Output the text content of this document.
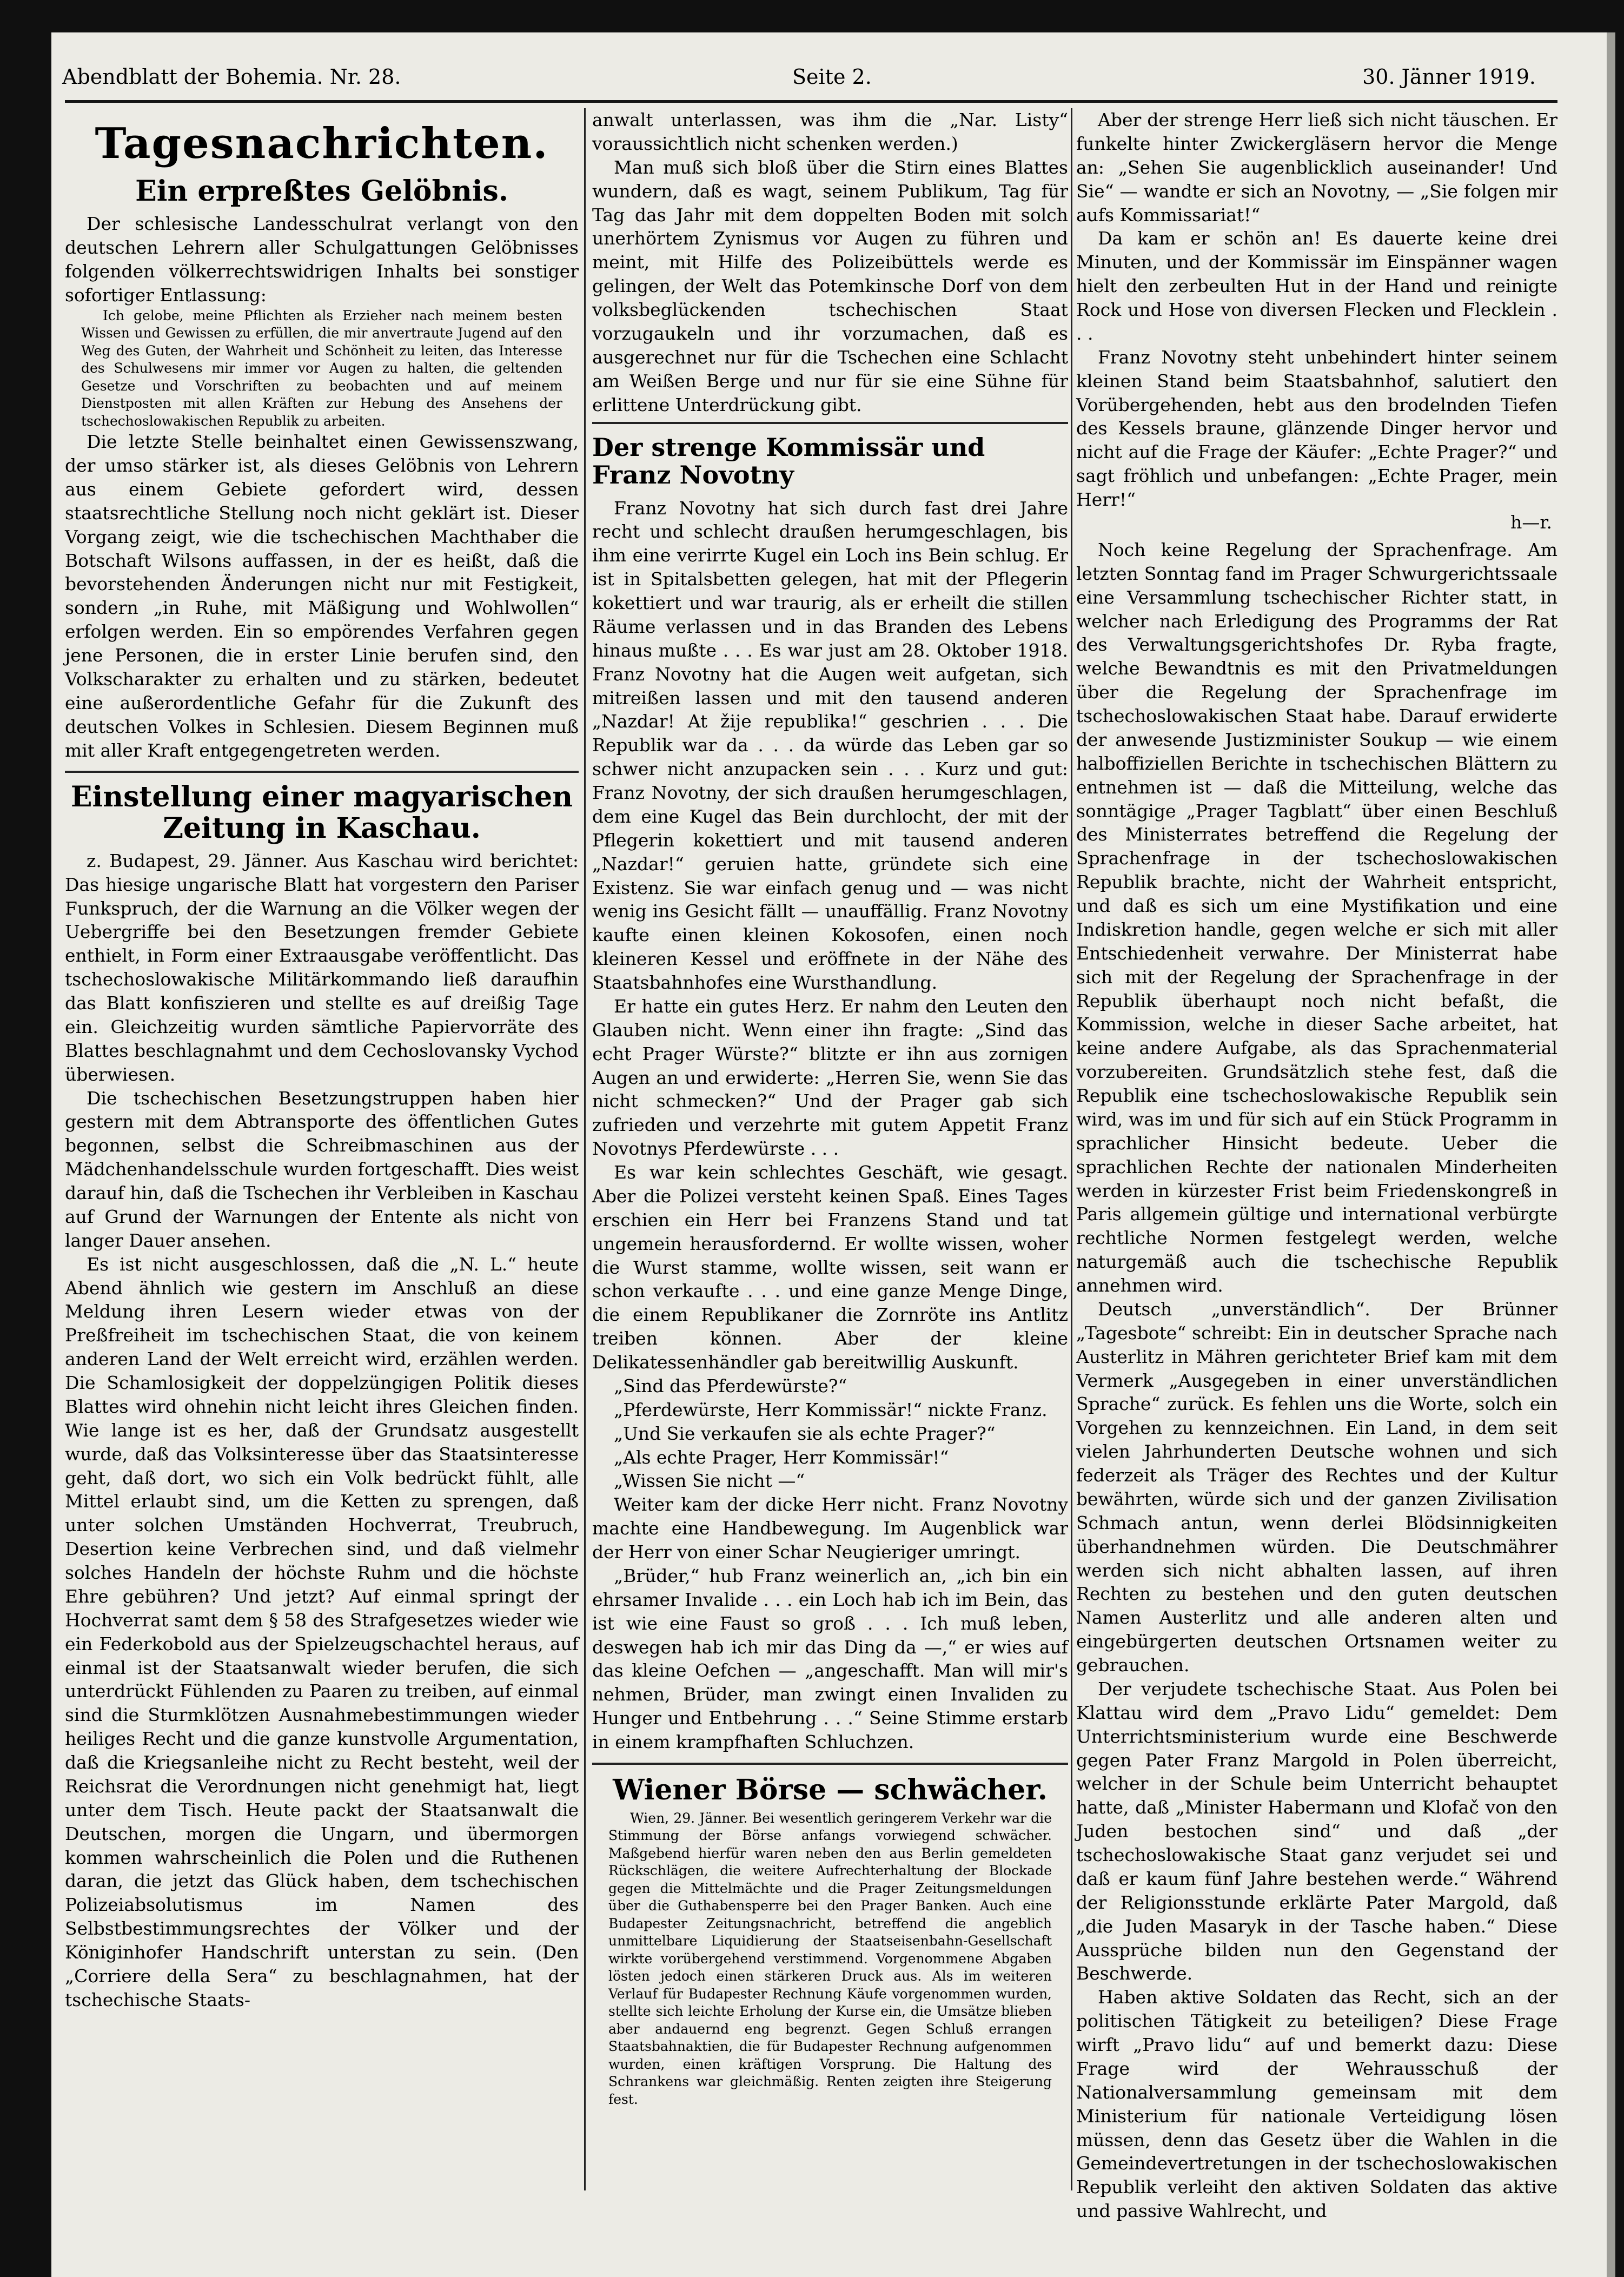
Abendblatt der Bohemia. Nr. 28.	Seite 2.	30. Jänner 1919.
Tagesnachrichten.
Ein erpreßtes Gelöbnis.

Der schlesische Landesschulrat verlangt von den deutschen Lehrern aller Schulgattungen Gelöbnisses folgenden völkerrechtswidrigen Inhalts bei sonstiger sofortiger Entlassung:

Ich gelobe, meine Pflichten als Erzieher nach meinem besten Wissen und Gewissen zu erfüllen, die mir anvertraute Jugend auf den Weg des Guten, der Wahrheit und Schönheit zu leiten, das Interesse des Schulwesens mir immer vor Augen zu halten, die geltenden Gesetze und Vorschriften zu beobachten und auf meinem Dienstposten mit allen Kräften zur Hebung des Ansehens der tschechoslowakischen Republik zu arbeiten.

Die letzte Stelle beinhaltet einen Gewissenszwang, der umso stärker ist, als dieses Gelöbnis von Lehrern aus einem Gebiete gefordert wird, dessen staatsrechtliche Stellung noch nicht geklärt ist. Dieser Vorgang zeigt, wie die tschechischen Machthaber die Botschaft Wilsons auffassen, in der es heißt, daß die bevorstehenden Änderungen nicht nur mit Festigkeit, sondern „in Ruhe, mit Mäßigung und Wohlwollen“ erfolgen werden. Ein so empörendes Verfahren gegen jene Personen, die in erster Linie berufen sind, den Volkscharakter zu erhalten und zu stärken, bedeutet eine außerordentliche Gefahr für die Zukunft des deutschen Volkes in Schlesien. Diesem Beginnen muß mit aller Kraft entgegengetreten werden.

Einstellung einer magyarischen Zeitung in Kaschau.

z. Budapest, 29. Jänner. Aus Kaschau wird berichtet: Das hiesige ungarische Blatt hat vorgestern den Pariser Funkspruch, der die Warnung an die Völker wegen der Uebergriffe bei den Besetzungen fremder Gebiete enthielt, in Form einer Extraausgabe veröffentlicht. Das tschechoslowakische Militärkommando ließ daraufhin das Blatt konfiszieren und stellte es auf dreißig Tage ein. Gleichzeitig wurden sämtliche Papiervorräte des Blattes beschlagnahmt und dem Cechoslovansky Vychod überwiesen.

Die tschechischen Besetzungstruppen haben hier gestern mit dem Abtransporte des öffentlichen Gutes begonnen, selbst die Schreibmaschinen aus der Mädchenhandelsschule wurden fortgeschafft. Dies weist darauf hin, daß die Tschechen ihr Verbleiben in Kaschau auf Grund der Warnungen der Entente als nicht von langer Dauer ansehen.

Es ist nicht ausgeschlossen, daß die „N. L.“ heute Abend ähnlich wie gestern im Anschluß an diese Meldung ihren Lesern wieder etwas von der Preßfreiheit im tschechischen Staat, die von keinem anderen Land der Welt erreicht wird, erzählen werden. Die Schamlosigkeit der doppelzüngigen Politik dieses Blattes wird ohnehin nicht leicht ihres Gleichen finden. Wie lange ist es her, daß der Grundsatz ausgestellt wurde, daß das Volksinteresse über das Staatsinteresse geht, daß dort, wo sich ein Volk bedrückt fühlt, alle Mittel erlaubt sind, um die Ketten zu sprengen, daß unter solchen Umständen Hochverrat, Treubruch, Desertion keine Verbrechen sind, und daß vielmehr solches Handeln der höchste Ruhm und die höchste Ehre gebühren? Und jetzt? Auf einmal springt der Hochverrat samt dem § 58 des Strafgesetzes wieder wie ein Federkobold aus der Spielzeugschachtel heraus, auf einmal ist der Staatsanwalt wieder berufen, die sich unterdrückt Fühlenden zu Paaren zu treiben, auf einmal sind die Sturmklötzen Ausnahmebestimmungen wieder heiliges Recht und die ganze kunstvolle Argumentation, daß die Kriegsanleihe nicht zu Recht besteht, weil der Reichsrat die Verordnungen nicht genehmigt hat, liegt unter dem Tisch. Heute packt der Staatsanwalt die Deutschen, morgen die Ungarn, und übermorgen kommen wahrscheinlich die Polen und die Ruthenen daran, die jetzt das Glück haben, dem tschechischen Polizeiabsolutismus im Namen des Selbstbestimmungsrechtes der Völker und der Königinhofer Handschrift unterstan zu sein. (Den „Corriere della Sera“ zu beschlagnahmen, hat der tschechische Staats-

anwalt unterlassen, was ihm die „Nar. Listy“ voraussichtlich nicht schenken werden.)

Man muß sich bloß über die Stirn eines Blattes wundern, daß es wagt, seinem Publikum, Tag für Tag das Jahr mit dem doppelten Boden mit solch unerhörtem Zynismus vor Augen zu führen und meint, mit Hilfe des Polizeibüttels werde es gelingen, der Welt das Potemkinsche Dorf von dem volksbeglückenden tschechischen Staat vorzugaukeln und ihr vorzumachen, daß es ausgerechnet nur für die Tschechen eine Schlacht am Weißen Berge und nur für sie eine Sühne für erlittene Unterdrückung gibt.

Der strenge Kommissär und Franz Novotny

Franz Novotny hat sich durch fast drei Jahre recht und schlecht draußen herumgeschlagen, bis ihm eine verirrte Kugel ein Loch ins Bein schlug. Er ist in Spitalsbetten gelegen, hat mit der Pflegerin kokettiert und war traurig, als er erheilt die stillen Räume verlassen und in das Branden des Lebens hinaus mußte . . . Es war just am 28. Oktober 1918. Franz Novotny hat die Augen weit aufgetan, sich mitreißen lassen und mit den tausend anderen „Nazdar! At žije republika!“ geschrien . . . Die Republik war da . . . da würde das Leben gar so schwer nicht anzupacken sein . . . Kurz und gut: Franz Novotny, der sich draußen herumgeschlagen, dem eine Kugel das Bein durchlocht, der mit der Pflegerin kokettiert und mit tausend anderen „Nazdar!“ geruien hatte, gründete sich eine Existenz. Sie war einfach genug und — was nicht wenig ins Gesicht fällt — unauffällig. Franz Novotny kaufte einen kleinen Kokosofen, einen noch kleineren Kessel und eröffnete in der Nähe des Staatsbahnhofes eine Wursthandlung.

Er hatte ein gutes Herz. Er nahm den Leuten den Glauben nicht. Wenn einer ihn fragte: „Sind das echt Prager Würste?“ blitzte er ihn aus zornigen Augen an und erwiderte: „Herren Sie, wenn Sie das nicht schmecken?“ Und der Prager gab sich zufrieden und verzehrte mit gutem Appetit Franz Novotnys Pferdewürste . . .

Es war kein schlechtes Geschäft, wie gesagt. Aber die Polizei versteht keinen Spaß. Eines Tages erschien ein Herr bei Franzens Stand und tat ungemein herausfordernd. Er wollte wissen, woher die Wurst stamme, wollte wissen, seit wann er schon verkaufte . . . und eine ganze Menge Dinge, die einem Republikaner die Zornröte ins Antlitz treiben können. Aber der kleine Delikatessenhändler gab bereitwillig Auskunft.

„Sind das Pferdewürste?“

„Pferdewürste, Herr Kommissär!“ nickte Franz.

„Und Sie verkaufen sie als echte Prager?“

„Als echte Prager, Herr Kommissär!“

„Wissen Sie nicht —“

Weiter kam der dicke Herr nicht. Franz Novotny machte eine Handbewegung. Im Augenblick war der Herr von einer Schar Neugieriger umringt.

„Brüder,“ hub Franz weinerlich an, „ich bin ein ehrsamer Invalide . . . ein Loch hab ich im Bein, das ist wie eine Faust so groß . . . Ich muß leben, deswegen hab ich mir das Ding da —,“ er wies auf das kleine Oefchen — „angeschafft. Man will mir's nehmen, Brüder, man zwingt einen Invaliden zu Hunger und Entbehrung . . .“ Seine Stimme erstarb in einem krampfhaften Schluchzen.

Wiener Börse — schwächer.

Wien, 29. Jänner. Bei wesentlich geringerem Verkehr war die Stimmung der Börse anfangs vorwiegend schwächer. Maßgebend hierfür waren neben den aus Berlin gemeldeten Rückschlägen, die weitere Aufrechterhaltung der Blockade gegen die Mittelmächte und die Prager Zeitungsmeldungen über die Guthabensperre bei den Prager Banken. Auch eine Budapester Zeitungsnachricht, betreffend die angeblich unmittelbare Liquidierung der Staatseisenbahn-Gesellschaft wirkte vorübergehend verstimmend. Vorgenommene Abgaben lösten jedoch einen stärkeren Druck aus. Als im weiteren Verlauf für Budapester Rechnung Käufe vorgenommen wurden, stellte sich leichte Erholung der Kurse ein, die Umsätze blieben aber andauernd eng begrenzt. Gegen Schluß errangen Staatsbahnaktien, die für Budapester Rechnung aufgenommen wurden, einen kräftigen Vorsprung. Die Haltung des Schrankens war gleichmäßig. Renten zeigten ihre Steigerung fest.

Aber der strenge Herr ließ sich nicht täuschen. Er funkelte hinter Zwickergläsern hervor die Menge an: „Sehen Sie augenblicklich auseinander! Und Sie“ — wandte er sich an Novotny, — „Sie folgen mir aufs Kommissariat!“

Da kam er schön an! Es dauerte keine drei Minuten, und der Kommissär im Einspänner wagen hielt den zerbeulten Hut in der Hand und reinigte Rock und Hose von diversen Flecken und Flecklein . . .

Franz Novotny steht unbehindert hinter seinem kleinen Stand beim Staatsbahnhof, salutiert den Vorübergehenden, hebt aus den brodelnden Tiefen des Kessels braune, glänzende Dinger hervor und nicht auf die Frage der Käufer: „Echte Prager?“ und sagt fröhlich und unbefangen: „Echte Prager, mein Herr!“

h—r.

Noch keine Regelung der Sprachenfrage. Am letzten Sonntag fand im Prager Schwurgerichtssaale eine Versammlung tschechischer Richter statt, in welcher nach Erledigung des Programms der Rat des Verwaltungsgerichtshofes Dr. Ryba fragte, welche Bewandtnis es mit den Privatmeldungen über die Regelung der Sprachenfrage im tschechoslowakischen Staat habe. Darauf erwiderte der anwesende Justizminister Soukup — wie einem halboffiziellen Berichte in tschechischen Blättern zu entnehmen ist — daß die Mitteilung, welche das sonntägige „Prager Tagblatt“ über einen Beschluß des Ministerrates betreffend die Regelung der Sprachenfrage in der tschechoslowakischen Republik brachte, nicht der Wahrheit entspricht, und daß es sich um eine Mystifikation und eine Indiskretion handle, gegen welche er sich mit aller Entschiedenheit verwahre. Der Ministerrat habe sich mit der Regelung der Sprachenfrage in der Republik überhaupt noch nicht befaßt, die Kommission, welche in dieser Sache arbeitet, hat keine andere Aufgabe, als das Sprachenmaterial vorzubereiten. Grundsätzlich stehe fest, daß die Republik eine tschechoslowakische Republik sein wird, was im und für sich auf ein Stück Programm in sprachlicher Hinsicht bedeute. Ueber die sprachlichen Rechte der nationalen Minderheiten werden in kürzester Frist beim Friedenskongreß in Paris allgemein gültige und international verbürgte rechtliche Normen festgelegt werden, welche naturgemäß auch die tschechische Republik annehmen wird.

Deutsch „unverständlich“. Der Brünner „Tagesbote“ schreibt: Ein in deutscher Sprache nach Austerlitz in Mähren gerichteter Brief kam mit dem Vermerk „Ausgegeben in einer unverständlichen Sprache“ zurück. Es fehlen uns die Worte, solch ein Vorgehen zu kennzeichnen. Ein Land, in dem seit vielen Jahrhunderten Deutsche wohnen und sich federzeit als Träger des Rechtes und der Kultur bewährten, würde sich und der ganzen Zivilisation Schmach antun, wenn derlei Blödsinnigkeiten überhandnehmen würden. Die Deutschmährer werden sich nicht abhalten lassen, auf ihren Rechten zu bestehen und den guten deutschen Namen Austerlitz und alle anderen alten und eingebürgerten deutschen Ortsnamen weiter zu gebrauchen.

Der verjudete tschechische Staat. Aus Polen bei Klattau wird dem „Pravo Lidu“ gemeldet: Dem Unterrichtsministerium wurde eine Beschwerde gegen Pater Franz Margold in Polen überreicht, welcher in der Schule beim Unterricht behauptet hatte, daß „Minister Habermann und Klofač von den Juden bestochen sind“ und daß „der tschechoslowakische Staat ganz verjudet sei und daß er kaum fünf Jahre bestehen werde.“ Während der Religionsstunde erklärte Pater Margold, daß „die Juden Masaryk in der Tasche haben.“ Diese Aussprüche bilden nun den Gegenstand der Beschwerde.

Haben aktive Soldaten das Recht, sich an der politischen Tätigkeit zu beteiligen? Diese Frage wirft „Pravo lidu“ auf und bemerkt dazu: Diese Frage wird der Wehrausschuß der Nationalversammlung gemeinsam mit dem Ministerium für nationale Verteidigung lösen müssen, denn das Gesetz über die Wahlen in die Gemeindevertretungen in der tschechoslowakischen Republik verleiht den aktiven Soldaten das aktive und passive Wahlrecht, und
